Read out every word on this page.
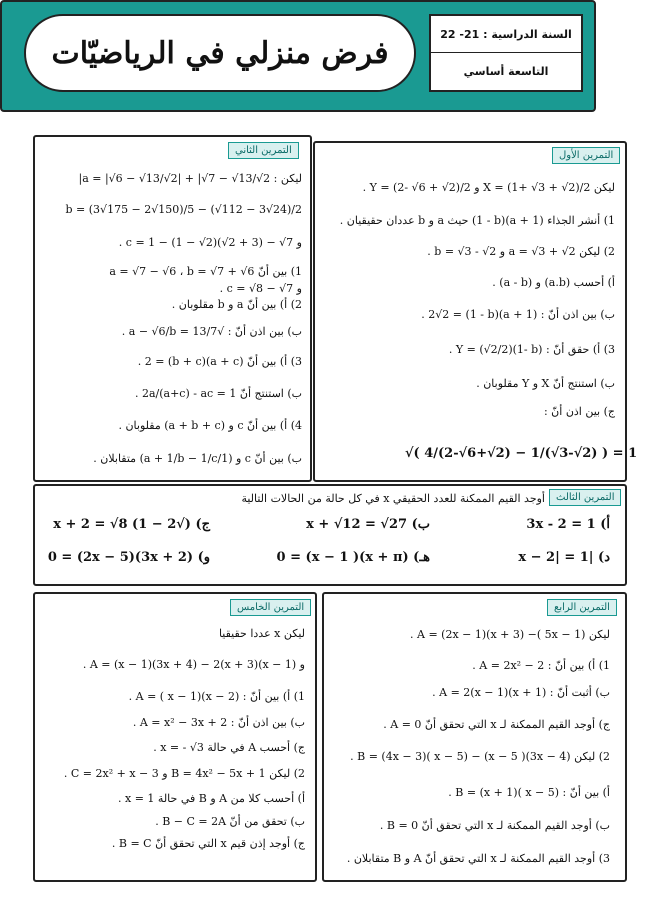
فرض منزلي في الرياضيّات
السنة الدراسية : 21- 22
التاسعة أساسي
التمرين الثاني
ليكن : a = |√6 − √13/√2| + |√7 − √13/√2|
b = (3√175 − 2√150)/5 − (√112 − 3√24)/2
و c = 1 − (1 − √2)(√2 + 3) − √7 .
1) بين أنّ a = √7 − √6 ، b = √7 + √6
و c = √8 − √7 .
2) أ) بين أنّ a و b مقلوبان .
ب) بين اذن أنّ : √7/a − √6/b = 13 .
3) أ) بين أنّ (a + c)(b + c) = 2 .
ب) استنتج أنّ 2a/(a+c) - ac = 1 .
4) أ) بين أنّ c و (a + b + c) مقلوبان .
ب) بين أنّ c و (1/a + 1/b − 1/c) متقابلان .
التمرين الأول
ليكن X = (1+ √3 + √2)/2 و Y = (2- √6 + √2)/2 .
1) أنشر الجذاء (a + 1)(1 - b) حيث a و b عددان حقيقيان .
2) ليكن a = √3 + √2 و b = √3 - √2 .
أ) أحسب (a.b) و (a - b) .
ب) بين اذن أنّ : (a + 1)(1 - b) = 2√2 .
3) أ) حقق أنّ : Y = (√2/2)(1- b) .
ب) استنتج أنّ X و Y مقلوبان .
ج) بين اذن أنّ :
√( 4/(2-√6+√2) − 1/(√3-√2) ) = 1
التمرين الثالث
أوجد القيم الممكنة للعدد الحقيقي x في كل حالة من الحالات التالية
أ) 3x - 2 = 1
ب) x + √12 = √27
ج) (√2 − 1) x + 2 = √8
د) |x − 2| = 1
هـ) (x + π)( x − 1) = 0
و) (3x + 2)(2x − 5) = 0
التمرين الخامس
ليكن x عددا حقيقيا
و A = (x − 1)(3x + 4) − 2(x + 3)(x − 1) .
1) أ) بين أنّ : A = ( x − 1)(x − 2) .
ب) بين اذن أنّ : A = x² − 3x + 2 .
ج) أحسب A في حالة x = - √3 .
2) ليكن B = 4x² − 5x + 1 و C = 2x² + x − 3 .
أ) أحسب كلا من A و B في حالة x = 1 .
ب) تحقق من أنّ B − C = 2A .
ج) أوجد إذن قيم x التي تحقق أنّ B = C .
التمرين الرابع
ليكن A = (2x − 1)(x + 3) −( 5x − 1) .
1) أ) بين أنّ : A = 2x² − 2 .
ب) أثبت أنّ : A = 2(x − 1)(x + 1) .
ج) أوجد القيم الممكنة لـ x التي تحقق أنّ A = 0 .
2) ليكن B = (4x − 3)( x − 5) − (x − 5 )(3x − 4) .
أ) بين أنّ : B = (x + 1)( x − 5) .
ب) أوجد القيم الممكنة لـ x التي تحقق أنّ B = 0 .
3) أوجد القيم الممكنة لـ x التي تحقق أنّ A و B متقابلان .
